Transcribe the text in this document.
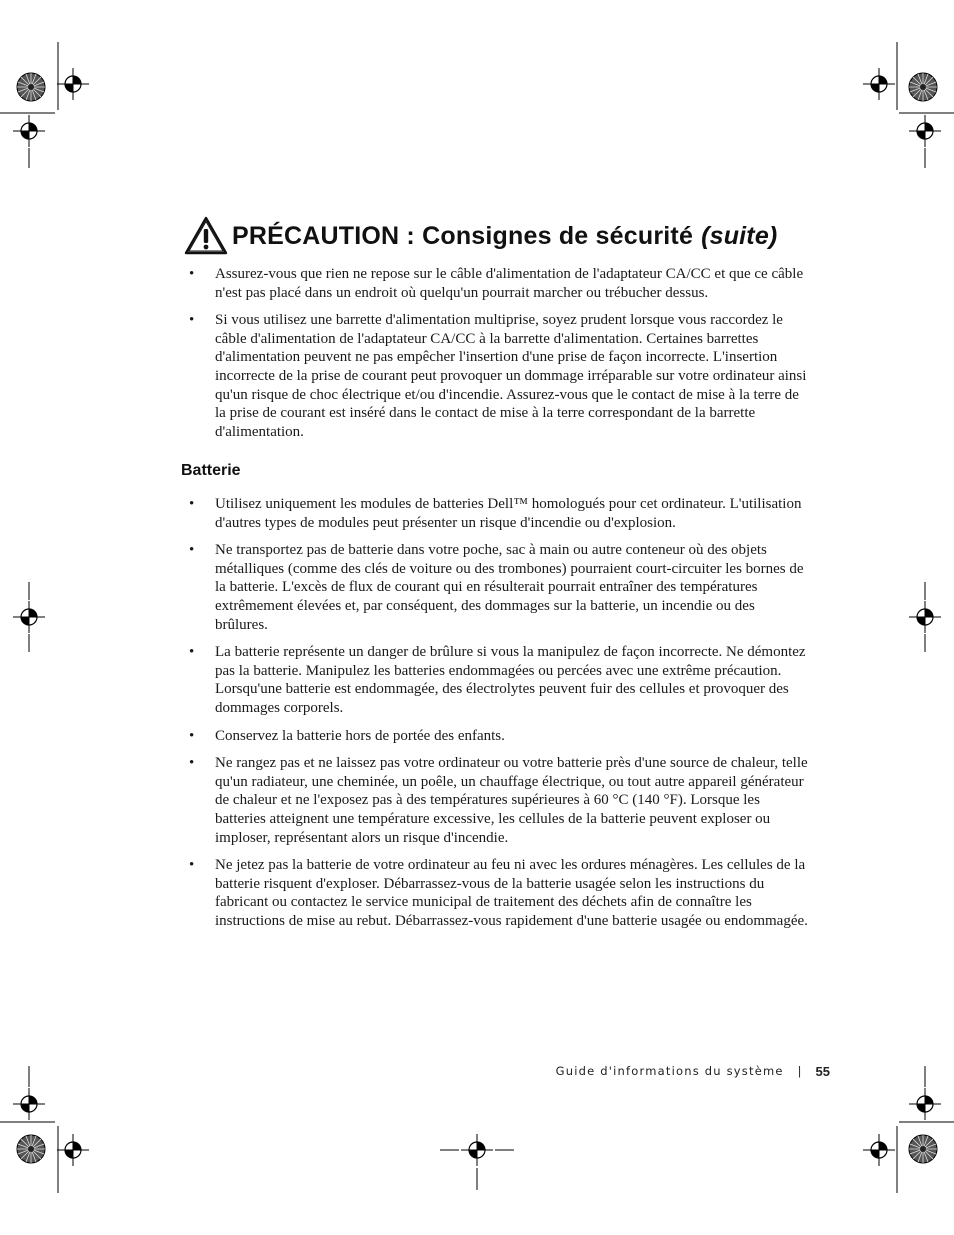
PRÉCAUTION : Consignes de sécurité (suite)
• Assurez-vous que rien ne repose sur le câble d'alimentation de l'adaptateur CA/CC et que ce câble n'est pas placé dans un endroit où quelqu'un pourrait marcher ou trébucher dessus.
• Si vous utilisez une barrette d'alimentation multiprise, soyez prudent lorsque vous raccordez le câble d'alimentation de l'adaptateur CA/CC à la barrette d'alimentation. Certaines barrettes d'alimentation peuvent ne pas empêcher l'insertion d'une prise de façon incorrecte. L'insertion incorrecte de la prise de courant peut provoquer un dommage irréparable sur votre ordinateur ainsi qu'un risque de choc électrique et/ou d'incendie. Assurez-vous que le contact de mise à la terre de la prise de courant est inséré dans le contact de mise à la terre correspondant de la barrette d'alimentation.
Batterie
• Utilisez uniquement les modules de batteries Dell™ homologués pour cet ordinateur. L'utilisation d'autres types de modules peut présenter un risque d'incendie ou d'explosion.
• Ne transportez pas de batterie dans votre poche, sac à main ou autre conteneur où des objets métalliques (comme des clés de voiture ou des trombones) pourraient court-circuiter les bornes de la batterie. L'excès de flux de courant qui en résulterait pourrait entraîner des températures extrêmement élevées et, par conséquent, des dommages sur la batterie, un incendie ou des brûlures.
• La batterie représente un danger de brûlure si vous la manipulez de façon incorrecte. Ne démontez pas la batterie. Manipulez les batteries endommagées ou percées avec une extrême précaution. Lorsqu'une batterie est endommagée, des électrolytes peuvent fuir des cellules et provoquer des dommages corporels.
• Conservez la batterie hors de portée des enfants.
• Ne rangez pas et ne laissez pas votre ordinateur ou votre batterie près d'une source de chaleur, telle qu'un radiateur, une cheminée, un poêle, un chauffage électrique, ou tout autre appareil générateur de chaleur et ne l'exposez pas à des températures supérieures à 60 °C (140 °F). Lorsque les batteries atteignent une température excessive, les cellules de la batterie peuvent exploser ou imploser, représentant alors un risque d'incendie.
• Ne jetez pas la batterie de votre ordinateur au feu ni avec les ordures ménagères. Les cellules de la batterie risquent d'exploser. Débarrassez-vous de la batterie usagée selon les instructions du fabricant ou contactez le service municipal de traitement des déchets afin de connaître les instructions de mise au rebut. Débarrassez-vous rapidement d'une batterie usagée ou endommagée.
Guide d'informations du système | 55
